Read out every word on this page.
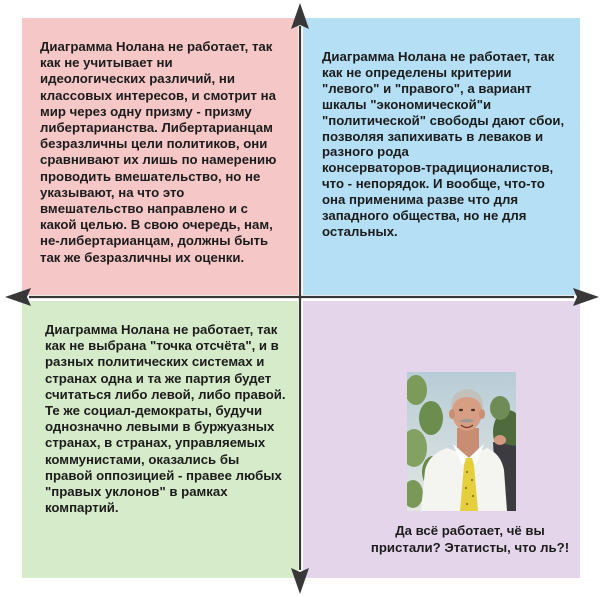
Диаграмма Нолана не работает, так
как не учитывает ни
идеологических различий, ни
классовых интересов, и смотрит на
мир через одну призму - призму
либертарианства. Либертарианцам
безразличны цели политиков, они
сравнивают их лишь по намерению
проводить вмешательство, но не
указывают, на что это
вмешательство направлено и с
какой целью. В свою очередь, нам,
не-либертарианцам, должны быть
так же безразличны их оценки.
Диаграмма Нолана не работает, так
как не определены критерии
"левого" и "правого", а вариант
шкалы "экономической"и
"политической" свободы дают сбои,
позволяя запихивать в леваков и
разного рода
консерваторов-традиционалистов,
что - непорядок. И вообще, что-то
она применима разве что для
западного общества, но не для
остальных.
Диаграмма Нолана не работает, так
как не выбрана "точка отсчёта", и в
разных политических системах и
странах одна и та же партия будет
считаться либо левой, либо правой.
Те же социал-демократы, будучи
однозначно левыми в буржуазных
странах, в странах, управляемых
коммунистами, оказались бы
правой оппозицией - правее любых
"правых уклонов" в рамках
компартий.
Да всё работает, чё вы
пристали? Этатисты, что ль?!
